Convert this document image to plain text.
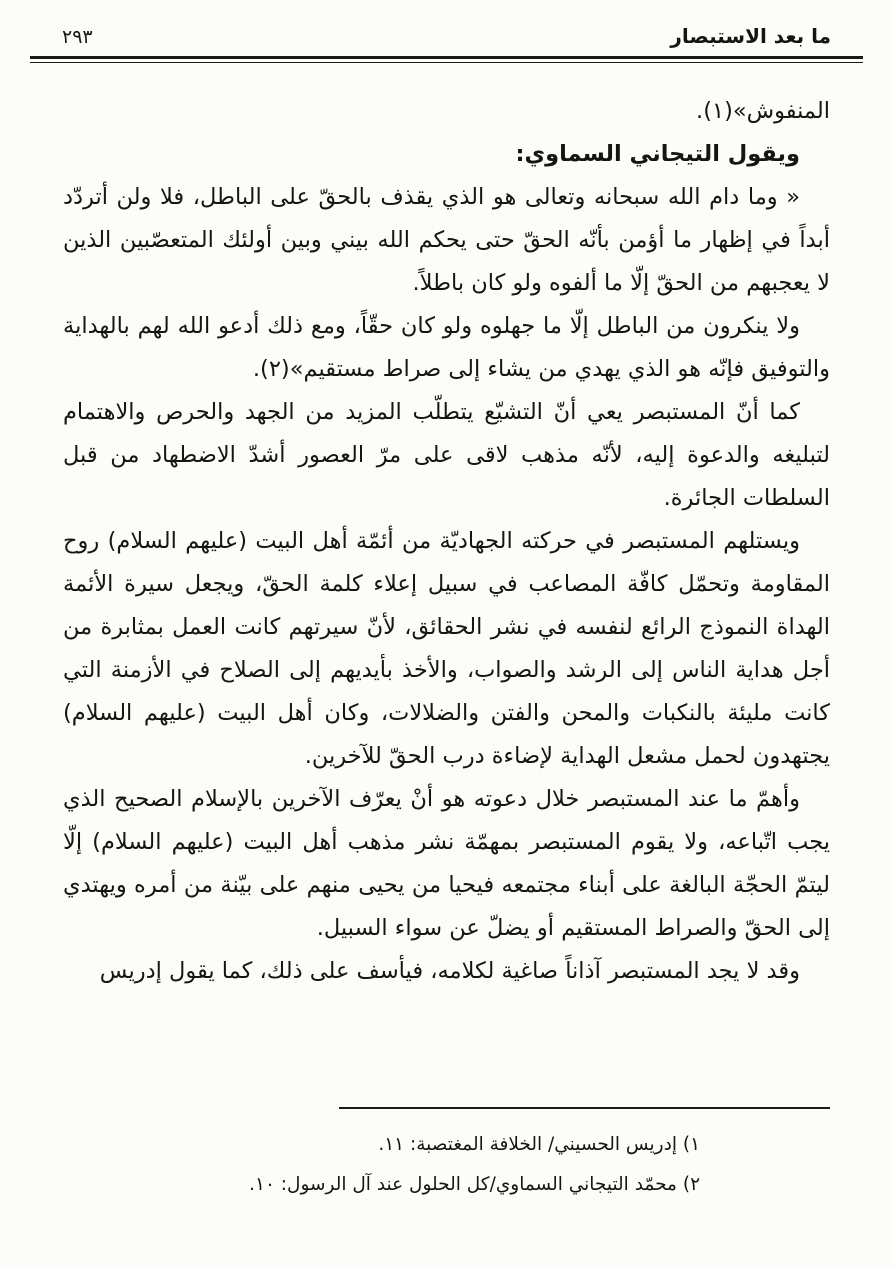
ما بعد الاستبصار
٢٩٣

المنفوش»(١).

ويقول التيجاني السماوي:

« وما دام الله سبحانه وتعالى هو الذي يقذف بالحقّ على الباطل، فلا ولن أتردّد أبداً في إظهار ما أؤمن بأنّه الحقّ حتى يحكم الله بيني وبين أولئك المتعصّبين الذين لا يعجبهم من الحقّ إلّا ما ألفوه ولو كان باطلاً.

ولا ينكرون من الباطل إلّا ما جهلوه ولو كان حقّاً، ومع ذلك أدعو الله لهم بالهداية والتوفيق فإنّه هو الذي يهدي من يشاء إلى صراط مستقيم»(٢).

كما أنّ المستبصر يعي أنّ التشيّع يتطلّب المزيد من الجهد والحرص والاهتمام لتبليغه والدعوة إليه، لأنّه مذهب لاقى على مرّ العصور أشدّ الاضطهاد من قبل السلطات الجائرة.

ويستلهم المستبصر في حركته الجهاديّة من أئمّة أهل البيت (عليهم السلام) روح المقاومة وتحمّل كافّة المصاعب في سبيل إعلاء كلمة الحقّ، ويجعل سيرة الأئمة الهداة النموذج الرائع لنفسه في نشر الحقائق، لأنّ سيرتهم كانت العمل بمثابرة من أجل هداية الناس إلى الرشد والصواب، والأخذ بأيديهم إلى الصلاح في الأزمنة التي كانت مليئة بالنكبات والمحن والفتن والضلالات، وكان أهل البيت (عليهم السلام) يجتهدون لحمل مشعل الهداية لإضاءة درب الحقّ للآخرين.

وأهمّ ما عند المستبصر خلال دعوته هو أنْ يعرّف الآخرين بالإسلام الصحيح الذي يجب اتّباعه، ولا يقوم المستبصر بمهمّة نشر مذهب أهل البيت (عليهم السلام) إلّا ليتمّ الحجّة البالغة على أبناء مجتمعه فيحيا من يحيى منهم على بيّنة من أمره ويهتدي إلى الحقّ والصراط المستقيم أو يضلّ عن سواء السبيل.

وقد لا يجد المستبصر آذاناً صاغية لكلامه، فيأسف على ذلك، كما يقول إدريس

١) إدريس الحسيني/ الخلافة المغتصبة: ١١.

٢) محمّد التيجاني السماوي/كل الحلول عند آل الرسول: ١٠.
